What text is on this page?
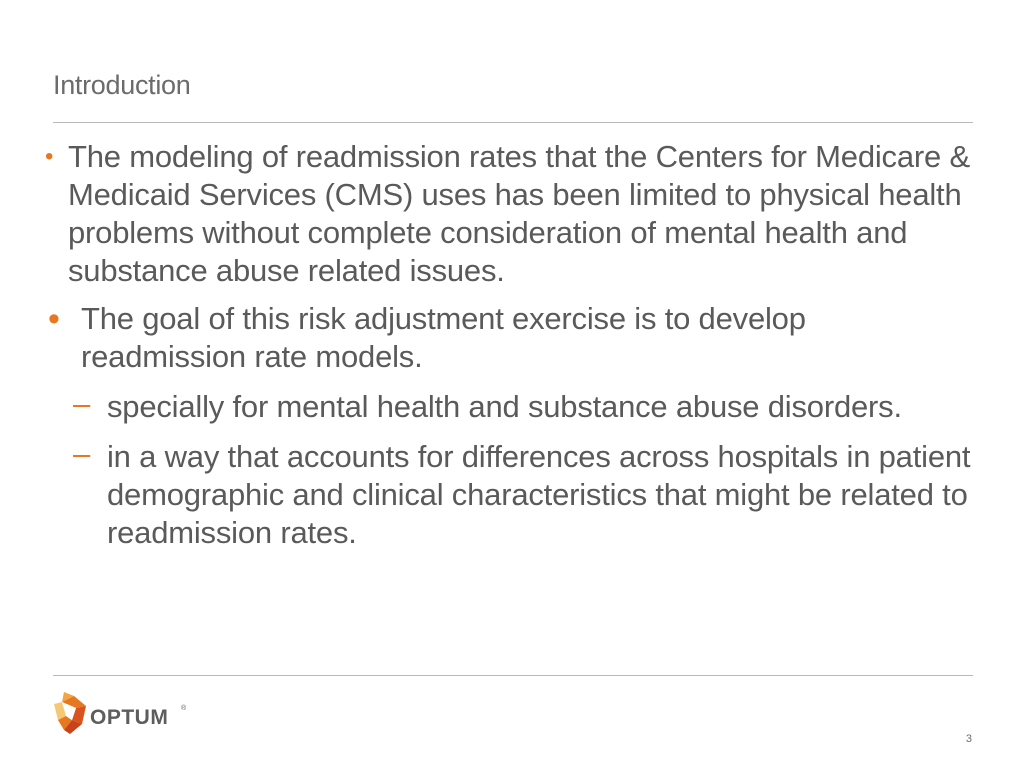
Introduction
• The modeling of readmission rates that the Centers for Medicare & Medicaid Services (CMS) uses has been limited to physical health problems without complete consideration of mental health and substance abuse related issues.
• The goal of this risk adjustment exercise is to develop readmission rate models.
– specially for mental health and substance abuse disorders.
– in a way that accounts for differences across hospitals in patient demographic and clinical characteristics that might be related to readmission rates.
OPTUM ®
3
